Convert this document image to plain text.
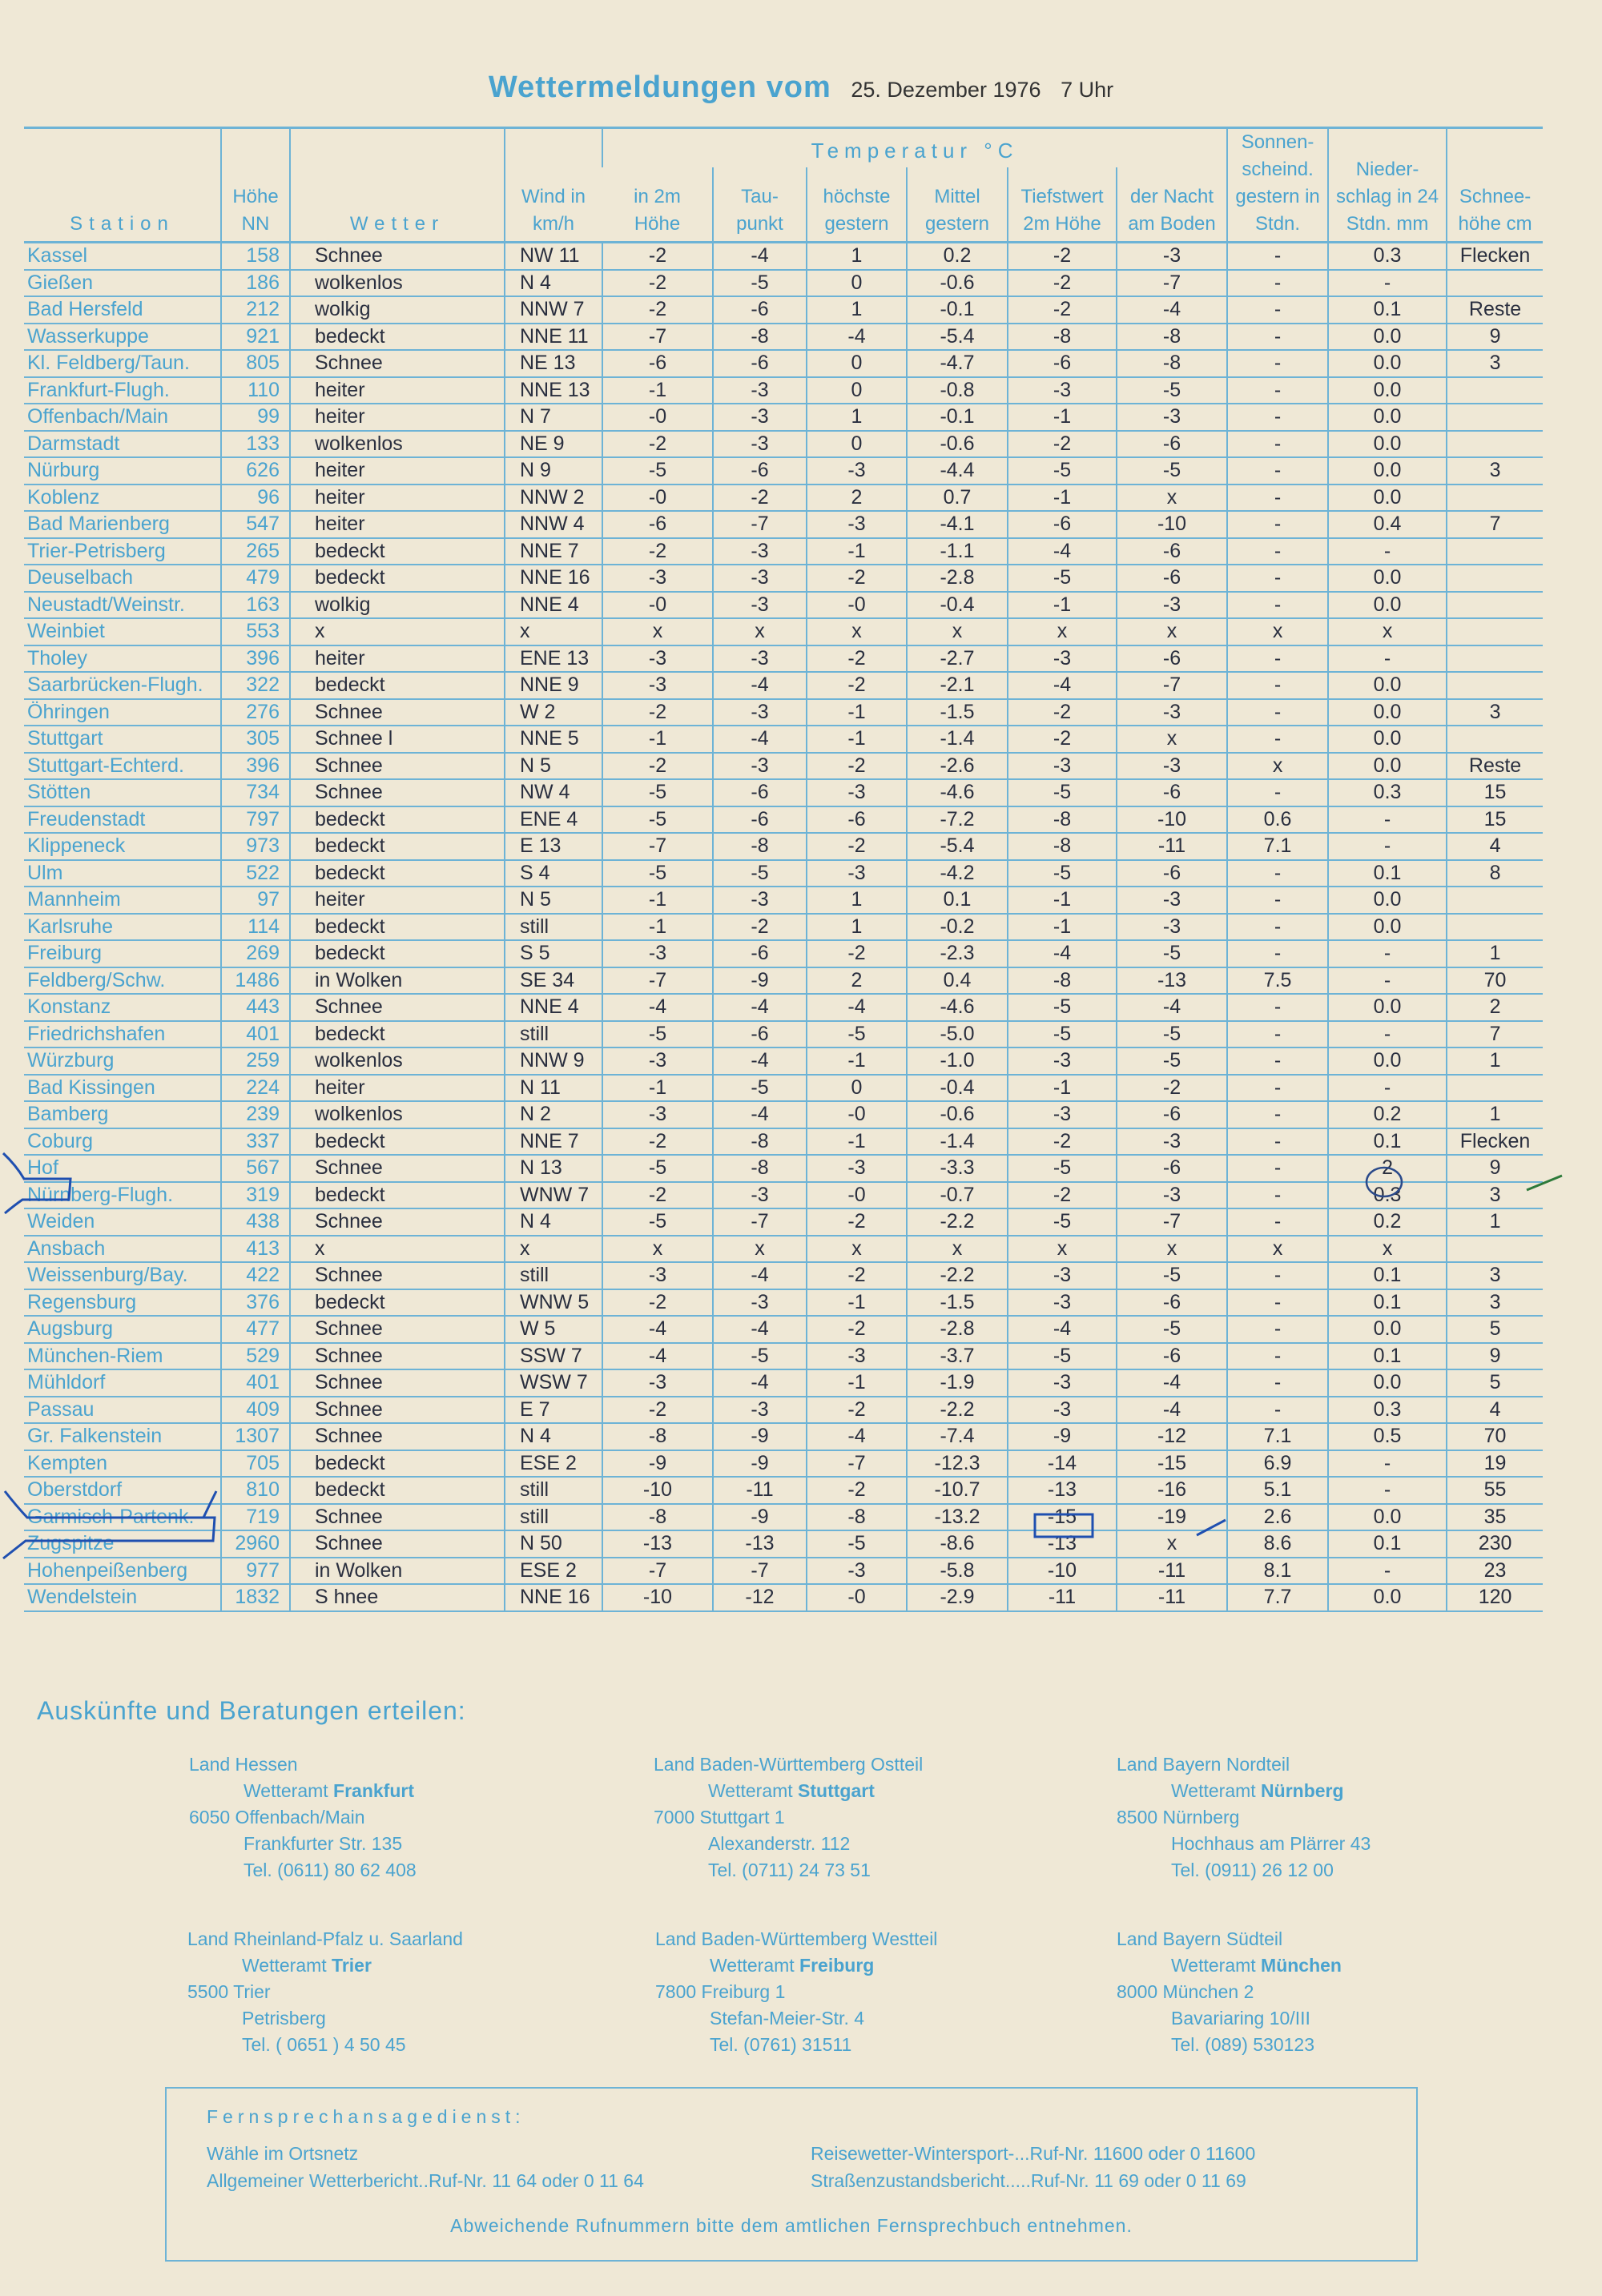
Wettermeldungen vom 25. Dezember 1976 7 Uhr
Station	Höhe NN	Wetter	Wind in km/h	Temperatur °C						Sonnen- scheind. gestern in Stdn.	Nieder- schlag in 24 Stdn. mm	Schnee- höhe cm
				in 2m Höhe	Tau- punkt	höchste gestern	Mittel gestern	Tiefstwert 2m Höhe	der Nacht am Boden			
Kassel	158	Schnee	NW 11	-2	-4	1	0.2	-2	-3	-	0.3	Flecken
Gießen	186	wolkenlos	N 4	-2	-5	0	-0.6	-2	-7	-	-	
Bad Hersfeld	212	wolkig	NNW 7	-2	-6	1	-0.1	-2	-4	-	0.1	Reste
Wasserkuppe	921	bedeckt	NNE 11	-7	-8	-4	-5.4	-8	-8	-	0.0	9
Kl. Feldberg/Taun.	805	Schnee	NE 13	-6	-6	0	-4.7	-6	-8	-	0.0	3
Frankfurt-Flugh.	110	heiter	NNE 13	-1	-3	0	-0.8	-3	-5	-	0.0	
Offenbach/Main	99	heiter	N 7	-0	-3	1	-0.1	-1	-3	-	0.0	
Darmstadt	133	wolkenlos	NE 9	-2	-3	0	-0.6	-2	-6	-	0.0	
Nürburg	626	heiter	N 9	-5	-6	-3	-4.4	-5	-5	-	0.0	3
Koblenz	96	heiter	NNW 2	-0	-2	2	0.7	-1	x	-	0.0	
Bad Marienberg	547	heiter	NNW 4	-6	-7	-3	-4.1	-6	-10	-	0.4	7
Trier-Petrisberg	265	bedeckt	NNE 7	-2	-3	-1	-1.1	-4	-6	-	-	
Deuselbach	479	bedeckt	NNE 16	-3	-3	-2	-2.8	-5	-6	-	0.0	
Neustadt/Weinstr.	163	wolkig	NNE 4	-0	-3	-0	-0.4	-1	-3	-	0.0	
Weinbiet	553	x	x	x	x	x	x	x	x	x	x	
Tholey	396	heiter	ENE 13	-3	-3	-2	-2.7	-3	-6	-	-	
Saarbrücken-Flugh.	322	bedeckt	NNE 9	-3	-4	-2	-2.1	-4	-7	-	0.0	
Öhringen	276	Schnee	W 2	-2	-3	-1	-1.5	-2	-3	-	0.0	3
Stuttgart	305	Schnee l	NNE 5	-1	-4	-1	-1.4	-2	x	-	0.0	
Stuttgart-Echterd.	396	Schnee	N 5	-2	-3	-2	-2.6	-3	-3	x	0.0	Reste
Stötten	734	Schnee	NW 4	-5	-6	-3	-4.6	-5	-6	-	0.3	15
Freudenstadt	797	bedeckt	ENE 4	-5	-6	-6	-7.2	-8	-10	0.6	-	15
Klippeneck	973	bedeckt	E 13	-7	-8	-2	-5.4	-8	-11	7.1	-	4
Ulm	522	bedeckt	S 4	-5	-5	-3	-4.2	-5	-6	-	0.1	8
Mannheim	97	heiter	N 5	-1	-3	1	0.1	-1	-3	-	0.0	
Karlsruhe	114	bedeckt	still	-1	-2	1	-0.2	-1	-3	-	0.0	
Freiburg	269	bedeckt	S 5	-3	-6	-2	-2.3	-4	-5	-	-	1
Feldberg/Schw.	1486	in Wolken	SE 34	-7	-9	2	0.4	-8	-13	7.5	-	70
Konstanz	443	Schnee	NNE 4	-4	-4	-4	-4.6	-5	-4	-	0.0	2
Friedrichshafen	401	bedeckt	still	-5	-6	-5	-5.0	-5	-5	-	-	7
Würzburg	259	wolkenlos	NNW 9	-3	-4	-1	-1.0	-3	-5	-	0.0	1
Bad Kissingen	224	heiter	N 11	-1	-5	0	-0.4	-1	-2	-	-	
Bamberg	239	wolkenlos	N 2	-3	-4	-0	-0.6	-3	-6	-	0.2	1
Coburg	337	bedeckt	NNE 7	-2	-8	-1	-1.4	-2	-3	-	0.1	Flecken
Hof	567	Schnee	N 13	-5	-8	-3	-3.3	-5	-6	-	2	9
Nürnberg-Flugh.	319	bedeckt	WNW 7	-2	-3	-0	-0.7	-2	-3	-	0.3	3
Weiden	438	Schnee	N 4	-5	-7	-2	-2.2	-5	-7	-	0.2	1
Ansbach	413	x	x	x	x	x	x	x	x	x	x	
Weissenburg/Bay.	422	Schnee	still	-3	-4	-2	-2.2	-3	-5	-	0.1	3
Regensburg	376	bedeckt	WNW 5	-2	-3	-1	-1.5	-3	-6	-	0.1	3
Augsburg	477	Schnee	W 5	-4	-4	-2	-2.8	-4	-5	-	0.0	5
München-Riem	529	Schnee	SSW 7	-4	-5	-3	-3.7	-5	-6	-	0.1	9
Mühldorf	401	Schnee	WSW 7	-3	-4	-1	-1.9	-3	-4	-	0.0	5
Passau	409	Schnee	E 7	-2	-3	-2	-2.2	-3	-4	-	0.3	4
Gr. Falkenstein	1307	Schnee	N 4	-8	-9	-4	-7.4	-9	-12	7.1	0.5	70
Kempten	705	bedeckt	ESE 2	-9	-9	-7	-12.3	-14	-15	6.9	-	19
Oberstdorf	810	bedeckt	still	-10	-11	-2	-10.7	-13	-16	5.1	-	55
Garmisch-Partenk.	719	Schnee	still	-8	-9	-8	-13.2	-15	-19	2.6	0.0	35
Zugspitze	2960	Schnee	N 50	-13	-13	-5	-8.6	-13	x	8.6	0.1	230
Hohenpeißenberg	977	in Wolken	ESE 2	-7	-7	-3	-5.8	-10	-11	8.1	-	23
Wendelstein	1832	S hnee	NNE 16	-10	-12	-0	-2.9	-11	-11	7.7	0.0	120
Auskünfte und Beratungen erteilen:
Land Hessen
Wetteramt Frankfurt
6050 Offenbach/Main
Frankfurter Str. 135
Tel. (0611) 80 62 408
Land Baden-Württemberg Ostteil
Wetteramt Stuttgart
7000 Stuttgart 1
Alexanderstr. 112
Tel. (0711) 24 73 51
Land Bayern Nordteil
Wetteramt Nürnberg
8500 Nürnberg
Hochhaus am Plärrer 43
Tel. (0911) 26 12 00
Land Rheinland-Pfalz u. Saarland
Wetteramt Trier
5500 Trier
Petrisberg
Tel. ( 0651 ) 4 50 45
Land Baden-Württemberg Westteil
Wetteramt Freiburg
7800 Freiburg 1
Stefan-Meier-Str. 4
Tel. (0761) 31511
Land Bayern Südteil
Wetteramt München
8000 München 2
Bavariaring 10/III
Tel. (089) 530123
Fernsprechansagedienst:
Wähle im Ortsnetz
Allgemeiner Wetterbericht..Ruf-Nr. 11 64 oder 0 11 64
Reisewetter-Wintersport-...Ruf-Nr. 11600 oder 0 11600
Straßenzustandsbericht.....Ruf-Nr. 11 69 oder 0 11 69
Abweichende Rufnummern bitte dem amtlichen Fernsprechbuch entnehmen.
